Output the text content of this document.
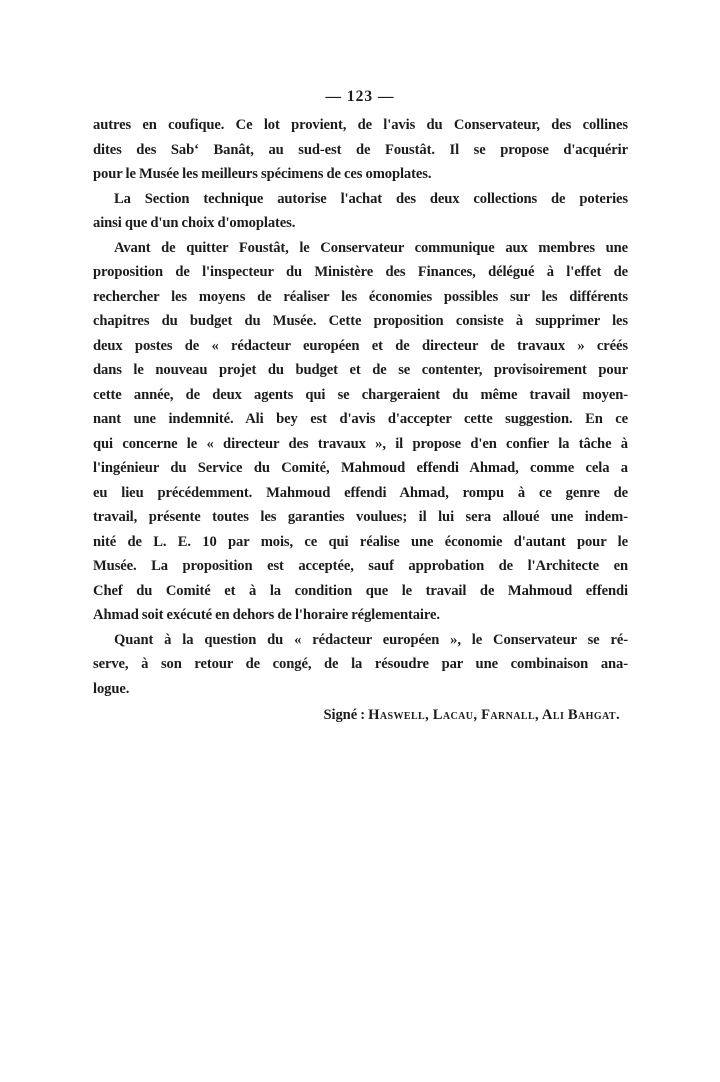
— 123 —
autres en coufique. Ce lot provient, de l'avis du Conservateur, des collines
dites des Sab‘ Banât, au sud-est de Foustât. Il se propose d'acquérir
pour le Musée les meilleurs spécimens de ces omoplates.
La Section technique autorise l'achat des deux collections de poteries
ainsi que d'un choix d'omoplates.
Avant de quitter Foustât, le Conservateur communique aux membres une
proposition de l'inspecteur du Ministère des Finances, délégué à l'effet de
rechercher les moyens de réaliser les économies possibles sur les différents
chapitres du budget du Musée. Cette proposition consiste à supprimer les
deux postes de « rédacteur européen et de directeur de travaux » créés
dans le nouveau projet du budget et de se contenter, provisoirement pour
cette année, de deux agents qui se chargeraient du même travail moyen-
nant une indemnité. Ali bey est d'avis d'accepter cette suggestion. En ce
qui concerne le « directeur des travaux », il propose d'en confier la tâche à
l'ingénieur du Service du Comité, Mahmoud effendi Ahmad, comme cela a
eu lieu précédemment. Mahmoud effendi Ahmad, rompu à ce genre de
travail, présente toutes les garanties voulues; il lui sera alloué une indem-
nité de L. E. 10 par mois, ce qui réalise une économie d'autant pour le
Musée. La proposition est acceptée, sauf approbation de l'Architecte en
Chef du Comité et à la condition que le travail de Mahmoud effendi
Ahmad soit exécuté en dehors de l'horaire réglementaire.
Quant à la question du « rédacteur européen », le Conservateur se ré-
serve, à son retour de congé, de la résoudre par une combinaison ana-
logue.
Signé : Haswell, Lacau, Farnall, Ali Bahgat.
